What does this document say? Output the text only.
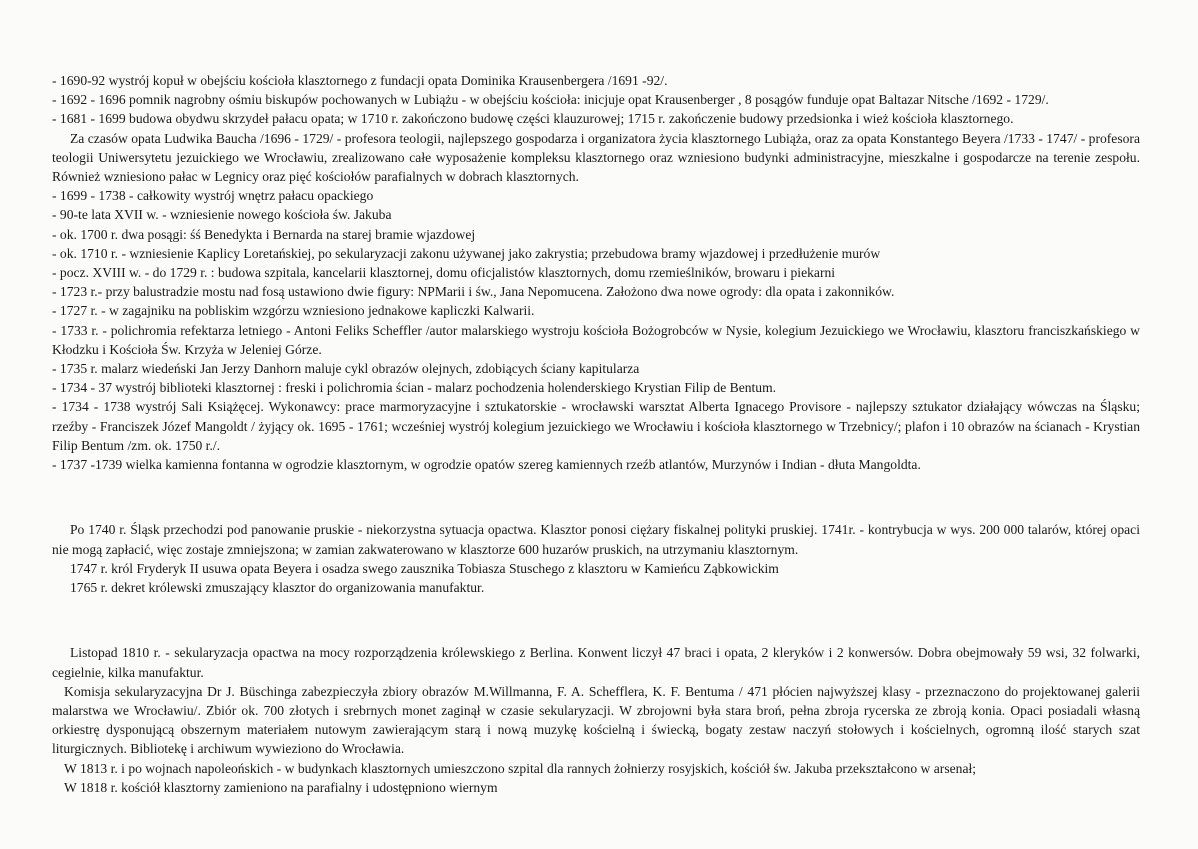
- 1690-92 wystrój kopuł w obejściu kościoła klasztornego z fundacji opata Dominika Krausenbergera /1691 -92/.

- 1692 - 1696 pomnik nagrobny ośmiu biskupów pochowanych w Lubiążu - w obejściu kościoła: inicjuje opat Krausenberger , 8 posągów funduje opat Baltazar Nitsche /1692 - 1729/.

- 1681 - 1699 budowa obydwu skrzydeł pałacu opata; w 1710 r. zakończono budowę części klauzurowej; 1715 r. zakończenie budowy przedsionka i wież kościoła klasztornego.

Za czasów opata Ludwika Baucha /1696 - 1729/ - profesora teologii, najlepszego gospodarza i organizatora życia klasztornego Lubiąża, oraz za opata Konstantego Beyera /1733 - 1747/ - profesora teologii Uniwersytetu jezuickiego we Wrocławiu, zrealizowano całe wyposażenie kompleksu klasztornego oraz wzniesiono budynki administracyjne, mieszkalne i gospodarcze na terenie zespołu. Również wzniesiono pałac w Legnicy oraz pięć kościołów parafialnych w dobrach klasztornych.

- 1699 - 1738 - całkowity wystrój wnętrz pałacu opackiego

- 90-te lata XVII w. - wzniesienie nowego kościoła św. Jakuba

- ok. 1700 r. dwa posągi: śś Benedykta i Bernarda na starej bramie wjazdowej

- ok. 1710 r. - wzniesienie Kaplicy Loretańskiej, po sekularyzacji zakonu używanej jako zakrystia; przebudowa bramy wjazdowej i przedłużenie murów

- pocz. XVIII w. - do 1729 r. : budowa szpitala, kancelarii klasztornej, domu oficjalistów klasztornych, domu rzemieślników, browaru i piekarni

- 1723 r.- przy balustradzie mostu nad fosą ustawiono dwie figury: NPMarii i św., Jana Nepomucena. Założono dwa nowe ogrody: dla opata i zakonników.

- 1727 r. - w zagajniku na pobliskim wzgórzu wzniesiono jednakowe kapliczki Kalwarii.

- 1733 r. - polichromia refektarza letniego - Antoni Feliks Scheffler /autor malarskiego wystroju kościoła Bożogrobców w Nysie, kolegium Jezuickiego we Wrocławiu, klasztoru franciszkańskiego w Kłodzku i Kościoła Św. Krzyża w Jeleniej Górze.

- 1735 r. malarz wiedeński Jan Jerzy Danhorn maluje cykl obrazów olejnych, zdobiących ściany kapitularza

- 1734 - 37 wystrój biblioteki klasztornej : freski i polichromia ścian - malarz pochodzenia holenderskiego Krystian Filip de Bentum.

- 1734 - 1738 wystrój Sali Książęcej. Wykonawcy: prace marmoryzacyjne i sztukatorskie - wrocławski warsztat Alberta Ignacego Provisore - najlepszy sztukator działający wówczas na Śląsku; rzeźby - Franciszek Józef Mangoldt / żyjący ok. 1695 - 1761; wcześniej wystrój kolegium jezuickiego we Wrocławiu i kościoła klasztornego w Trzebnicy/; plafon i 10 obrazów na ścianach - Krystian Filip Bentum /zm. ok. 1750 r./.

- 1737 -1739 wielka kamienna fontanna w ogrodzie klasztornym, w ogrodzie opatów szereg kamiennych rzeźb atlantów, Murzynów i Indian - dłuta Mangoldta.

Po 1740 r. Śląsk przechodzi pod panowanie pruskie - niekorzystna sytuacja opactwa. Klasztor ponosi ciężary fiskalnej polityki pruskiej. 1741r. - kontrybucja w wys. 200 000 talarów, której opaci nie mogą zapłacić, więc zostaje zmniejszona; w zamian zakwaterowano w klasztorze 600 huzarów pruskich, na utrzymaniu klasztornym.

1747 r. król Fryderyk II usuwa opata Beyera i osadza swego zausznika Tobiasza Stuschego z klasztoru w Kamieńcu Ząbkowickim

1765 r. dekret królewski zmuszający klasztor do organizowania manufaktur.

Listopad 1810 r. - sekularyzacja opactwa na mocy rozporządzenia królewskiego z Berlina. Konwent liczył 47 braci i opata, 2 kleryków i 2 konwersów. Dobra obejmowały 59 wsi, 32 folwarki, cegielnie, kilka manufaktur.

Komisja sekularyzacyjna Dr J. Büschinga zabezpieczyła zbiory obrazów M.Willmanna, F. A. Schefflera, K. F. Bentuma / 471 płócien najwyższej klasy - przeznaczono do projektowanej galerii malarstwa we Wrocławiu/. Zbiór ok. 700 złotych i srebrnych monet zaginął w czasie sekularyzacji. W zbrojowni była stara broń, pełna zbroja rycerska ze zbroją konia. Opaci posiadali własną orkiestrę dysponującą obszernym materiałem nutowym zawierającym starą i nową muzykę kościelną i świecką, bogaty zestaw naczyń stołowych i kościelnych, ogromną ilość starych szat liturgicznych. Bibliotekę i archiwum wywieziono do Wrocławia.

W 1813 r. i po wojnach napoleońskich - w budynkach klasztornych umieszczono szpital dla rannych żołnierzy rosyjskich, kościół św. Jakuba przekształcono w arsenał;

W 1818 r. kościół klasztorny zamieniono na parafialny i udostępniono wiernym
